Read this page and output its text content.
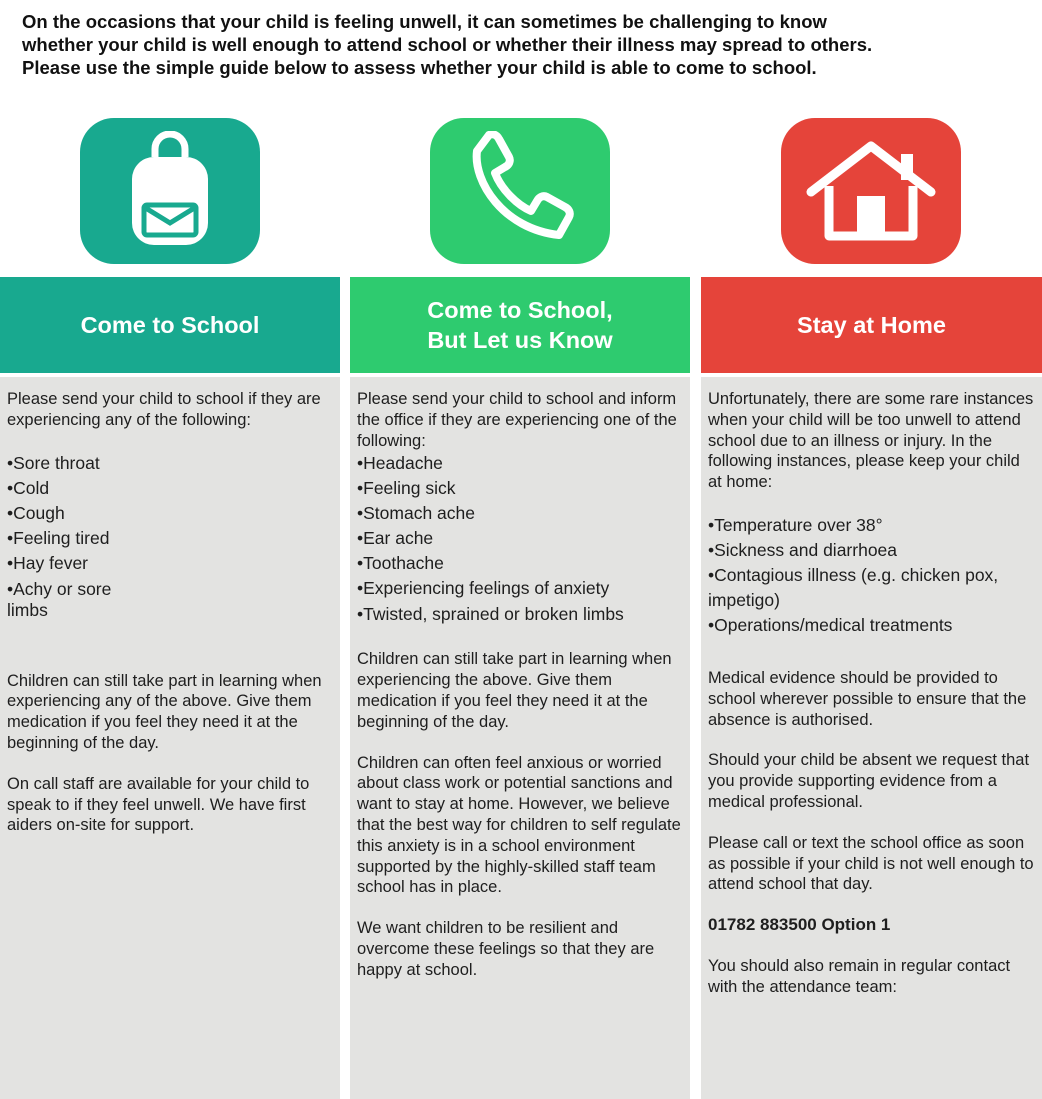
On the occasions that your child is feeling unwell, it can sometimes be challenging to know

whether your child is well enough to attend school or whether their illness may spread to others.

Please use the simple guide below to assess whether your child is able to come to school.

Come to School

Please send your child to school if they are experiencing any of the following:

•Sore throat
•Cold
•Cough
•Feeling tired
•Hay fever
•Achy or sore limbs

Children can still take part in learning when experiencing any of the above. Give them medication if you feel they need it at the beginning of the day.

On call staff are available for your child to speak to if they feel unwell. We have first aiders on-site for support.

Come to School,
But Let us Know

Please send your child to school and inform the office if they are experiencing one of the following:

•Headache
•Feeling sick
•Stomach ache
•Ear ache
•Toothache
•Experiencing feelings of anxiety
•Twisted, sprained or broken limbs

Children can still take part in learning when experiencing the above. Give them medication if you feel they need it at the beginning of the day.

Children can often feel anxious or worried about class work or potential sanctions and want to stay at home. However, we believe that the best way for children to self regulate this anxiety is in a school environment supported by the highly-skilled staff team school has in place.

We want children to be resilient and overcome these feelings so that they are happy at school.

Stay at Home

Unfortunately, there are some rare instances when your child will be too unwell to attend school due to an illness or injury. In the following instances, please keep your child at home:

•Temperature over 38°
•Sickness and diarrhoea
•Contagious illness (e.g. chicken pox, impetigo)
•Operations/medical treatments

Medical evidence should be provided to school wherever possible to ensure that the absence is authorised.

Should your child be absent we request that you provide supporting evidence from a medical professional.

Please call or text the school office as soon as possible if your child is not well enough to attend school that day.

01782 883500 Option 1

You should also remain in regular contact with the attendance team:
